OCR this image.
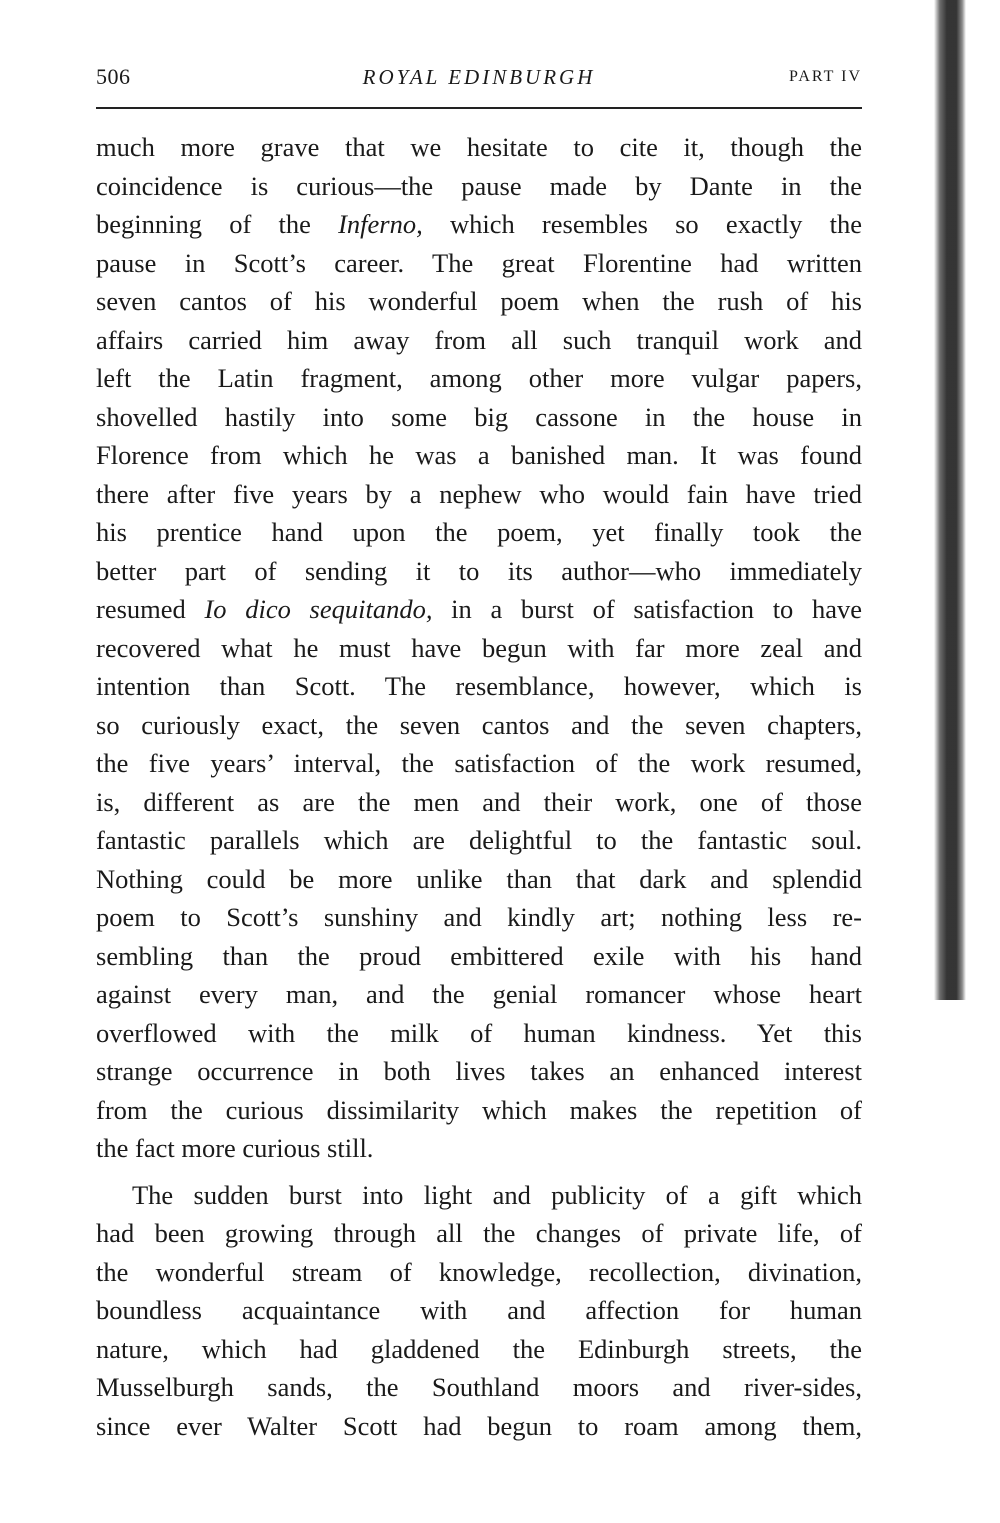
506	ROYAL EDINBURGH	PART IV
much more grave that we hesitate to cite it, though the
coincidence is curious—the pause made by Dante in the
beginning of the Inferno, which resembles so exactly the
pause in Scott’s career. The great Florentine had written
seven cantos of his wonderful poem when the rush of his
affairs carried him away from all such tranquil work and
left the Latin fragment, among other more vulgar papers,
shovelled hastily into some big cassone in the house in
Florence from which he was a banished man. It was found
there after five years by a nephew who would fain have tried
his prentice hand upon the poem, yet finally took the
better part of sending it to its author—who immediately
resumed Io dico sequitando, in a burst of satisfaction to have
recovered what he must have begun with far more zeal and
intention than Scott. The resemblance, however, which is
so curiously exact, the seven cantos and the seven chapters,
the five years’ interval, the satisfaction of the work resumed,
is, different as are the men and their work, one of those
fantastic parallels which are delightful to the fantastic soul.
Nothing could be more unlike than that dark and splendid
poem to Scott’s sunshiny and kindly art; nothing less re-
sembling than the proud embittered exile with his hand
against every man, and the genial romancer whose heart
overflowed with the milk of human kindness. Yet this
strange occurrence in both lives takes an enhanced interest
from the curious dissimilarity which makes the repetition of
the fact more curious still.
The sudden burst into light and publicity of a gift which
had been growing through all the changes of private life, of
the wonderful stream of knowledge, recollection, divination,
boundless acquaintance with and affection for human
nature, which had gladdened the Edinburgh streets, the
Musselburgh sands, the Southland moors and river-sides,
since ever Walter Scott had begun to roam among them,
